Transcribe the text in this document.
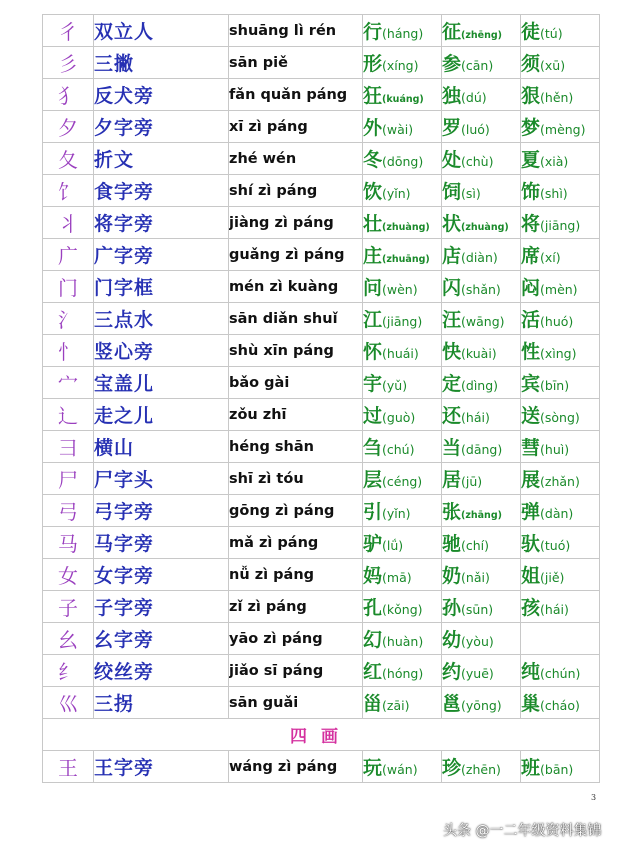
彳	双立人	shuāng lì rén	行(háng)	征(zhēng)	徒(tú)
彡	三撇	sān piě	形(xíng)	参(cān)	须(xū)
犭	反犬旁	fǎn quǎn páng	狂(kuáng)	独(dú)	狠(hěn)
夕	夕字旁	xī zì páng	外(wài)	罗(luó)	梦(mèng)
夂	折文	zhé wén	冬(dōng)	处(chù)	夏(xià)
饣	食字旁	shí zì páng	饮(yǐn)	饲(sì)	饰(shì)
丬	将字旁	jiàng zì páng	壮(zhuàng)	状(zhuàng)	将(jiāng)
广	广字旁	guǎng zì páng	庄(zhuāng)	店(diàn)	席(xí)
门	门字框	mén zì kuàng	问(wèn)	闪(shǎn)	闷(mèn)
氵	三点水	sān diǎn shuǐ	江(jiāng)	汪(wāng)	活(huó)
忄	竖心旁	shù xīn páng	怀(huái)	快(kuài)	性(xìng)
宀	宝盖儿	bǎo gài	宇(yǔ)	定(dìng)	宾(bīn)
辶	走之儿	zǒu zhī	过(guò)	还(hái)	送(sòng)
彐	横山	héng shān	刍(chú)	当(dāng)	彗(huì)
尸	尸字头	shī zì tóu	层(céng)	居(jū)	展(zhǎn)
弓	弓字旁	gōng zì páng	引(yǐn)	张(zhāng)	弹(dàn)
马	马字旁	mǎ zì páng	驴(lǘ)	驰(chí)	驮(tuó)
女	女字旁	nǚ zì páng	妈(mā)	奶(nǎi)	姐(jiě)
子	子字旁	zǐ zì páng	孔(kǒng)	孙(sūn)	孩(hái)
幺	幺字旁	yāo zì páng	幻(huàn)	幼(yòu)	
纟	绞丝旁	jiǎo sī páng	红(hóng)	约(yuē)	纯(chún)
巛	三拐	sān guǎi	甾(zāi)	邕(yōng)	巢(cháo)
四画					
王	王字旁	wáng zì páng	玩(wán)	珍(zhēn)	班(bān)
3
头条 @一二年级资料集锦
